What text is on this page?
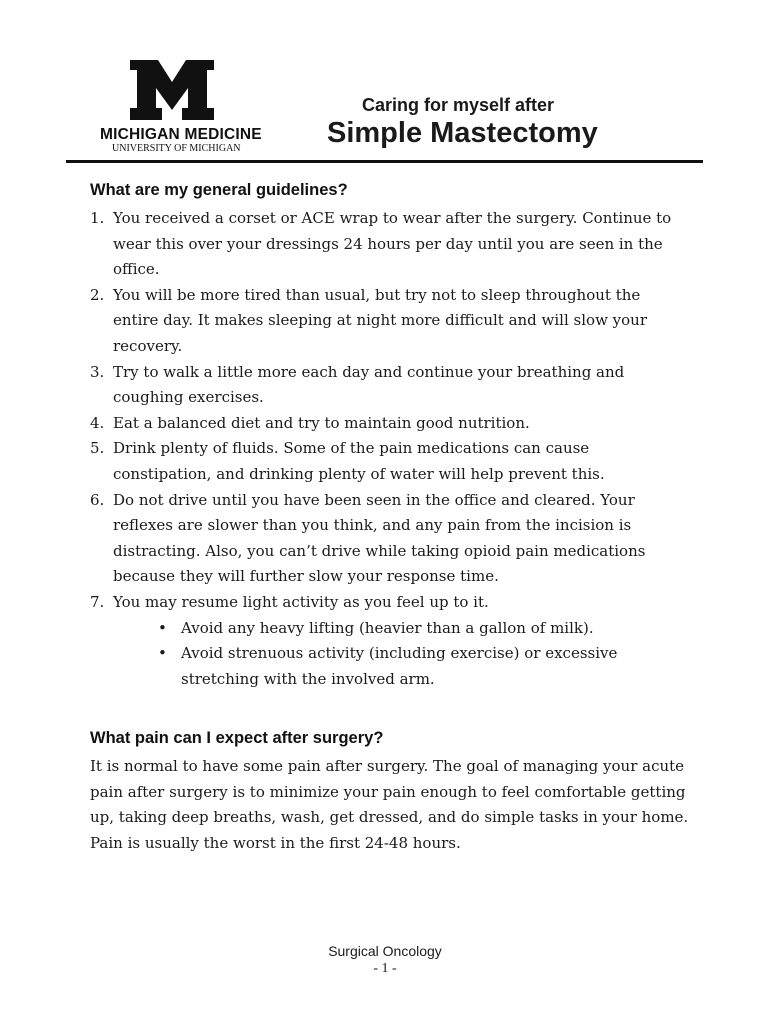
MICHIGAN MEDICINE
UNIVERSITY OF MICHIGAN
Caring for myself after
Simple Mastectomy
What are my general guidelines?
1. You received a corset or ACE wrap to wear after the surgery. Continue to wear this over your dressings 24 hours per day until you are seen in the office.
2. You will be more tired than usual, but try not to sleep throughout the entire day. It makes sleeping at night more difficult and will slow your recovery.
3. Try to walk a little more each day and continue your breathing and coughing exercises.
4. Eat a balanced diet and try to maintain good nutrition.
5. Drink plenty of fluids. Some of the pain medications can cause constipation, and drinking plenty of water will help prevent this.
6. Do not drive until you have been seen in the office and cleared. Your reflexes are slower than you think, and any pain from the incision is distracting. Also, you can’t drive while taking opioid pain medications because they will further slow your response time.
7. You may resume light activity as you feel up to it.
• Avoid any heavy lifting (heavier than a gallon of milk).
• Avoid strenuous activity (including exercise) or excessive stretching with the involved arm.
What pain can I expect after surgery?

It is normal to have some pain after surgery. The goal of managing your acute pain after surgery is to minimize your pain enough to feel comfortable getting up, taking deep breaths, wash, get dressed, and do simple tasks in your home. Pain is usually the worst in the first 24-48 hours.

Surgical Oncology
- 1 -
